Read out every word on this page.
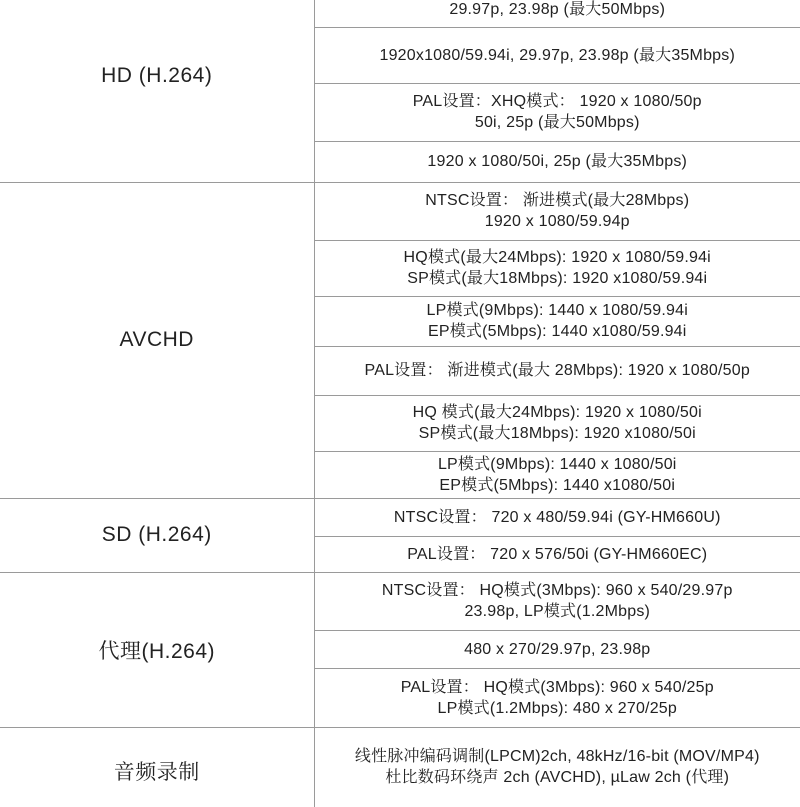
HD (H.264)	29.97p, 23.98p (最大50Mbps)

	1920x1080/59.94i, 29.97p, 23.98p (最大35Mbps)

	PAL设置：XHQ模式： 1920 x 1080/50p
50i, 25p (最大50Mbps)

	1920 x 1080/50i, 25p (最大35Mbps)

AVCHD	NTSC设置： 渐进模式(最大28Mbps)
1920 x 1080/59.94p

	HQ模式(最大24Mbps): 1920 x 1080/59.94i
SP模式(最大18Mbps): 1920 x1080/59.94i

	LP模式(9Mbps): 1440 x 1080/59.94i
EP模式(5Mbps): 1440 x1080/59.94i

	PAL设置： 渐进模式(最大 28Mbps): 1920 x 1080/50p

	HQ 模式(最大24Mbps): 1920 x 1080/50i
SP模式(最大18Mbps): 1920 x1080/50i

	LP模式(9Mbps): 1440 x 1080/50i
EP模式(5Mbps): 1440 x1080/50i

SD (H.264)	NTSC设置： 720 x 480/59.94i (GY-HM660U)

	PAL设置： 720 x 576/50i (GY-HM660EC)

代理(H.264)	NTSC设置： HQ模式(3Mbps): 960 x 540/29.97p
23.98p, LP模式(1.2Mbps)

	480 x 270/29.97p, 23.98p

	PAL设置： HQ模式(3Mbps): 960 x 540/25p
LP模式(1.2Mbps): 480 x 270/25p

音频录制	线性脉冲编码调制(LPCM)2ch, 48kHz/16-bit (MOV/MP4)
杜比数码环绕声 2ch (AVCHD), µLaw 2ch (代理)
